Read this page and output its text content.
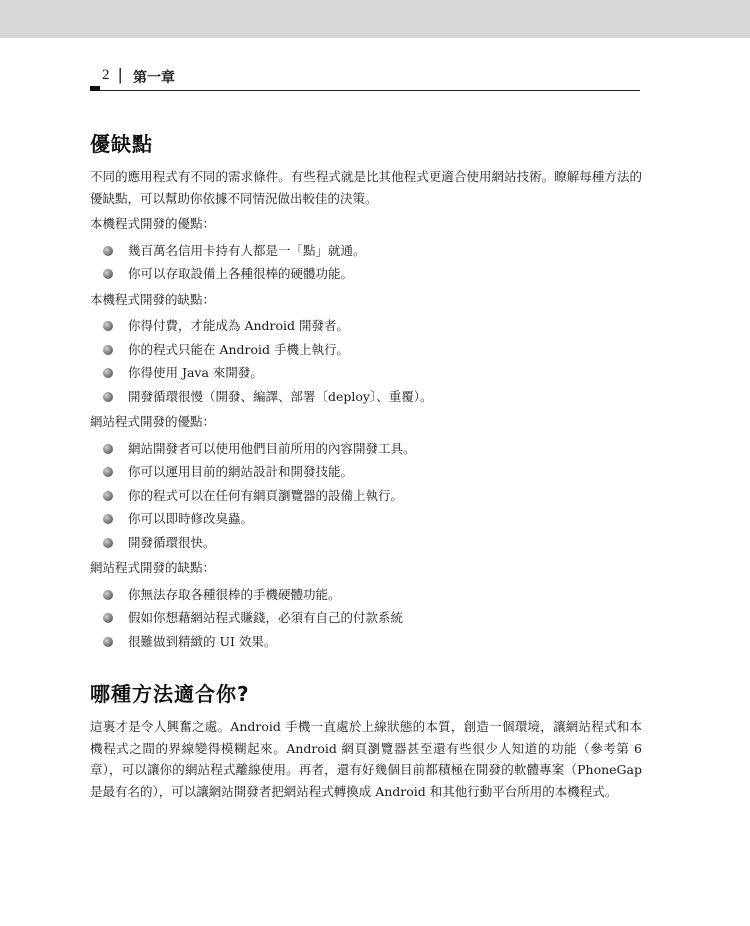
2 | 第一章
優缺點

不同的應用程式有不同的需求條件。有些程式就是比其他程式更適合使用網站技術。瞭解每種方法的優缺點，可以幫助你依據不同情況做出較佳的決策。

本機程式開發的優點：

幾百萬名信用卡持有人都是一「點」就通。
你可以存取設備上各種很棒的硬體功能。

本機程式開發的缺點：

你得付費，才能成為 Android 開發者。
你的程式只能在 Android 手機上執行。
你得使用 Java 來開發。
開發循環很慢（開發、編譯、部署〔deploy〕、重覆）。

網站程式開發的優點：

網站開發者可以使用他們目前所用的內容開發工具。
你可以運用目前的網站設計和開發技能。
你的程式可以在任何有網頁瀏覽器的設備上執行。
你可以即時修改臭蟲。
開發循環很快。

網站程式開發的缺點：

你無法存取各種很棒的手機硬體功能。
假如你想藉網站程式賺錢，必須有自己的付款系統
很難做到精緻的 UI 效果。
哪種方法適合你?

這裏才是令人興奮之處。Android 手機一直處於上線狀態的本質，創造一個環境，讓網站程式和本機程式之間的界線變得模糊起來。Android 網頁瀏覽器甚至還有些很少人知道的功能（參考第 6 章），可以讓你的網站程式離線使用。再者，還有好幾個目前都積極在開發的軟體專案（PhoneGap 是最有名的），可以讓網站開發者把網站程式轉換成 Android 和其他行動平台所用的本機程式。
